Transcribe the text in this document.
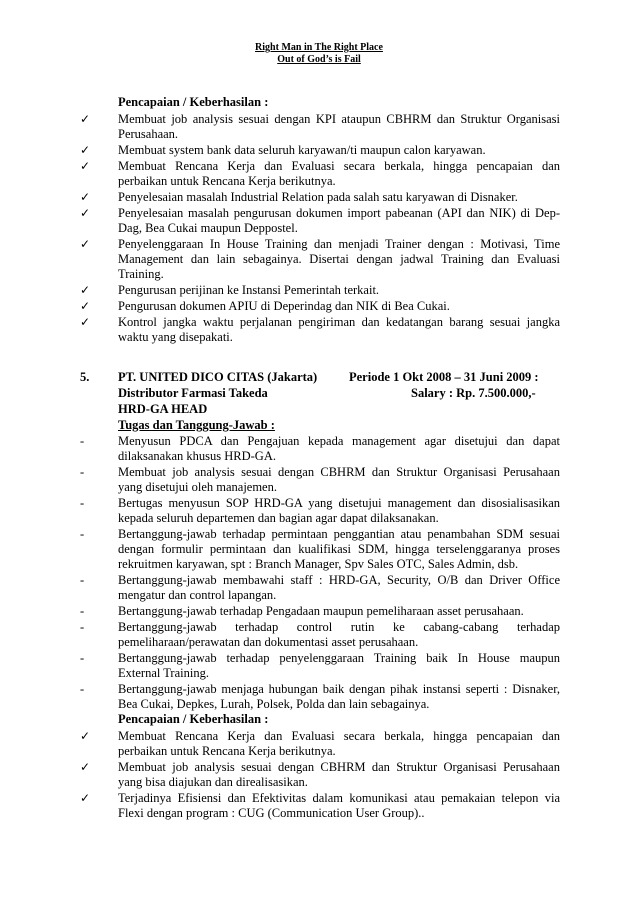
Right Man in The Right Place
Out of God’s is Fail
Pencapaian / Keberhasilan :
✓ Membuat job analysis sesuai dengan KPI ataupun CBHRM dan Struktur Organisasi
Perusahaan.
✓ Membuat system bank data seluruh karyawan/ti maupun calon karyawan.
✓ Membuat Rencana Kerja dan Evaluasi secara berkala, hingga pencapaian dan
perbaikan untuk Rencana Kerja berikutnya.
✓ Penyelesaian masalah Industrial Relation pada salah satu karyawan di Disnaker.
✓ Penyelesaian masalah pengurusan dokumen import pabeanan (API dan NIK) di Dep-
Dag, Bea Cukai maupun Deppostel.
✓ Penyelenggaraan In House Training dan menjadi Trainer dengan : Motivasi, Time
Management dan lain sebagainya. Disertai dengan jadwal Training dan Evaluasi
Training.
✓ Pengurusan perijinan ke Instansi Pemerintah terkait.
✓ Pengurusan dokumen APIU di Deperindag dan NIK di Bea Cukai.
✓ Kontrol jangka waktu perjalanan pengiriman dan kedatangan barang sesuai jangka
waktu yang disepakati.
5. PT. UNITED DICO CITAS (Jakarta)	Periode 1 Okt 2008 – 31 Juni 2009 :
Distributor Farmasi Takeda	Salary : Rp. 7.500.000,-
HRD-GA HEAD
Tugas dan Tanggung-Jawab :
-	Menyusun PDCA dan Pengajuan kepada management agar disetujui dan dapat
dilaksanakan khusus HRD-GA.
-	Membuat job analysis sesuai dengan CBHRM dan Struktur Organisasi Perusahaan
yang disetujui oleh manajemen.
-	Bertugas menyusun SOP HRD-GA yang disetujui management dan disosialisasikan
kepada seluruh departemen dan bagian agar dapat dilaksanakan.
-	Bertanggung-jawab terhadap permintaan penggantian atau penambahan SDM sesuai
dengan formulir permintaan dan kualifikasi SDM, hingga terselenggaranya proses
rekruitmen karyawan, spt : Branch Manager, Spv Sales OTC, Sales Admin, dsb.
-	Bertanggung-jawab membawahi staff : HRD-GA, Security, O/B dan Driver Office
mengatur dan control lapangan.
-	Bertanggung-jawab terhadap Pengadaan maupun pemeliharaan asset perusahaan.
-	Bertanggung-jawab terhadap control rutin ke cabang-cabang terhadap
pemeliharaan/perawatan dan dokumentasi asset perusahaan.
-	Bertanggung-jawab terhadap penyelenggaraan Training baik In House maupun
External Training.
-	Bertanggung-jawab menjaga hubungan baik dengan pihak instansi seperti : Disnaker,
Bea Cukai, Depkes, Lurah, Polsek, Polda dan lain sebagainya.
Pencapaian / Keberhasilan :
✓ Membuat Rencana Kerja dan Evaluasi secara berkala, hingga pencapaian dan
perbaikan untuk Rencana Kerja berikutnya.
✓ Membuat job analysis sesuai dengan CBHRM dan Struktur Organisasi Perusahaan
yang bisa diajukan dan direalisasikan.
✓ Terjadinya Efisiensi dan Efektivitas dalam komunikasi atau pemakaian telepon via
Flexi dengan program : CUG (Communication User Group)..
